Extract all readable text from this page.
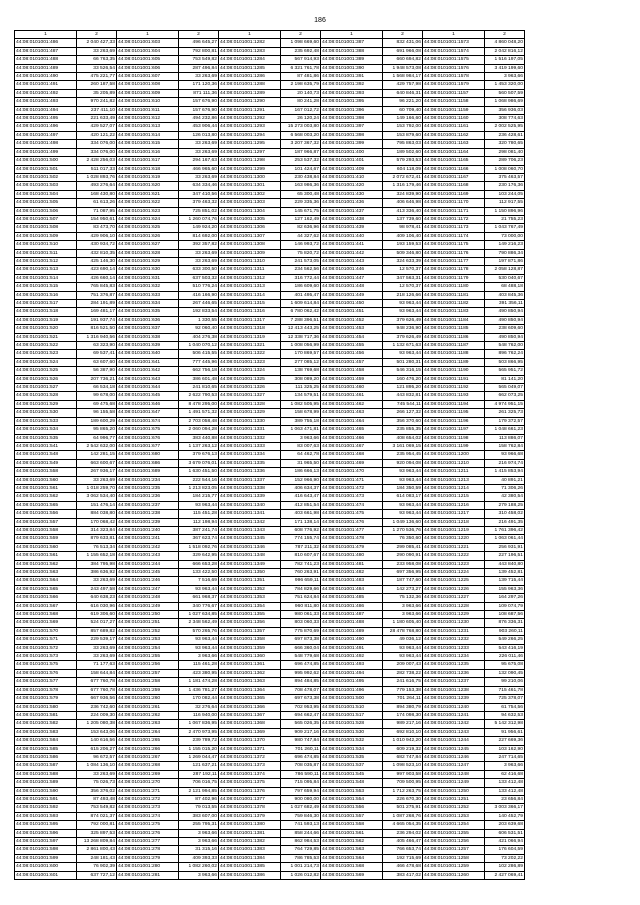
186
1	2	1	2	1	2	1	2	1	2
44:08:0101001:486	2 040 427,33	44:08:0101001:603	496 645,27	44:08:0101001:1282	1 098 669,60	44:08:0101001:387	832 431,06	44:08:0101001:1573	4 860 048,20
44:08:0101001:487	33 263,69	44:08:0101001:604	792 800,81	44:08:0101001:1283	235 692,48	44:08:0101001:388	691 966,08	44:08:0101001:1574	2 042 816,12
44:08:0101001:488	66 763,35	44:08:0101001:605	753 549,82	44:08:0101001:1284	567 914,93	44:08:0101001:389	660 694,82	44:08:0101001:1575	1 516 197,05
44:08:0101001:489	33 526,54	44:08:0101001:606	287 496,84	44:08:0101001:1285	6 321 761,78	44:08:0101001:390	1 948 573,08	44:08:0101001:1576	3 419 199,60
44:08:0101001:490	475 221,77	44:08:0101001:607	33 263,69	44:08:0101001:1286	87 481,86	44:08:0101001:391	1 568 984,17	44:08:0101001:1578	3 963,66
44:08:0101001:491	260 187,58	44:08:0101001:608	171 120,36	44:08:0101001:1288	2 198 635,79	44:08:0101001:392	429 757,98	44:08:0101001:1579	1 453 320,00
44:08:0101001:492	35 205,89	44:08:0101001:609	871 111,36	44:08:0101001:1289	20 140,73	44:08:0101001:393	640 846,31	44:08:0101001:1157	560 507,59
44:08:0101001:493	970 241,82	44:08:0101001:610	157 676,90	44:08:0101001:1290	80 241,28	44:08:0101001:395	96 221,20	44:08:0101001:1158	1 068 986,69
44:08:0101001:494	237 411,10	44:08:0101001:611	157 676,90	44:08:0101001:1291	167 012,72	44:08:0101001:396	60 709,40	44:08:0101001:1159	356 936,03
44:08:0101001:495	221 633,49	44:08:0101001:612	494 232,86	44:08:0101001:1292	26 120,24	44:08:0101001:398	149 166,60	44:08:0101001:1160	308 774,63
44:08:0101001:496	429 527,07	44:08:0101001:613	453 906,44	44:08:0101001:1293	15 273 003,80	44:08:0101001:397	153 792,00	44:08:0101001:1161	2 002 525,95
44:08:0101001:497	420 121,22	44:08:0101001:614	126 013,80	44:08:0101001:1294	6 568 003,20	44:08:0101001:398	153 879,60	44:08:0101001:1162	236 428,61
44:08:0101001:498	334 076,00	44:08:0101001:615	33 263,69	44:08:0101001:1295	3 207 367,32	44:08:0101001:399	795 863,03	44:08:0101001:1163	320 780,65
44:08:0101001:499	334 076,00	44:08:0101001:616	33 263,69	44:08:0101001:1297	187 966,87	44:08:0101001:400	189 502,60	44:08:0101001:1164	298 081,40
44:08:0101001:500	2 428 256,03	44:08:0101001:617	294 167,63	44:08:0101001:1298	253 537,32	44:08:0101001:401	579 293,53	44:08:0101001:1165	289 706,23
44:08:0101001:501	511 017,33	44:08:0101001:618	466 965,60	44:08:0101001:1299	101 424,67	44:08:0101001:409	604 118,09	44:08:0101001:1166	1 008 060,70
44:08:0101001:502	1 028 893,76	44:08:0101001:619	33 263,69	44:08:0101001:1300	230 438,84	44:08:0101001:410	2 072 672,41	44:08:0101001:1167	375 463,57
44:08:0101001:503	493 276,64	44:08:0101001:620	634 334,46	44:08:0101001:1301	163 986,36	44:08:0101001:420	1 316 179,46	44:08:0101001:1168	230 176,36
44:08:0101001:504	168 430,80	44:08:0101001:621	347 410,56	44:08:0101001:1302	65 300,48	44:08:0101001:430	324 839,90	44:08:0101001:1169	103 244,05
44:08:0101001:505	61 613,26	44:08:0101001:622	379 463,32	44:08:0101001:1303	229 335,36	44:08:0101001:436	406 646,98	44:08:0101001:1170	112 917,55
44:08:0101001:506	71 087,95	44:08:0101001:623	725 851,02	44:08:0101001:1304	145 671,75	44:08:0101001:437	413 336,40	44:08:0101001:1171	1 150 896,96
44:08:0101001:507	154 950,61	44:08:0101001:624	1 260 074,76	44:08:0101001:1305	127 162,49	44:08:0101001:438	137 739,60	44:08:0101001:1172	21 755,23
44:08:0101001:508	83 473,70	44:08:0101001:625	149 924,20	44:08:0101001:1306	82 636,96	44:08:0101001:439	98 978,41	44:08:0101001:1173	1 043 767,49
44:08:0101001:509	429 906,10	44:08:0101001:626	814 692,00	44:08:0101001:1307	44 327,62	44:08:0101001:440	409 106,40	44:08:0101001:1174	73 000,00
44:08:0101001:510	430 934,72	44:08:0101001:627	392 357,82	44:08:0101001:1308	146 993,72	44:08:0101001:441	193 159,53	44:08:0101001:1175	149 216,23
44:08:0101001:511	432 810,35	44:08:0101001:628	33 263,69	44:08:0101001:1309	75 820,72	44:08:0101001:442	509 346,80	44:08:0101001:1176	790 886,34
44:08:0101001:512	425 146,30	44:08:0101001:629	33 263,69	44:08:0101001:1310	241 573,05	44:08:0101001:443	324 633,39	44:08:0101001:1177	197 871,86
44:08:0101001:513	423 690,14	44:08:0101001:630	633 300,50	44:08:0101001:1311	234 562,56	44:08:0101001:446	12 570,37	44:08:0101001:1178	2 058 128,87
44:08:0101001:514	426 660,14	44:08:0101001:631	637 503,32	44:08:0101001:1312	316 772,44	44:08:0101001:447	347 563,31	44:08:0101001:1179	530 040,67
44:08:0101001:515	765 845,83	44:08:0101001:632	510 776,24	44:08:0101001:1313	186 609,60	44:08:0101001:448	12 570,37	44:08:0101001:1180	68 488,18
44:08:0101001:516	751 376,87	44:08:0101001:633	416 166,90	44:08:0101001:1314	401 495,47	44:08:0101001:449	218 126,66	44:08:0101001:1181	403 845,36
44:08:0101001:517	284 191,89	44:08:0101001:634	267 446,65	44:08:0101001:1315	1 609 614,84	44:08:0101001:450	93 963,44	44:08:0101001:1182	391 356,11
44:08:0101001:518	169 481,17	44:08:0101001:635	192 833,54	44:08:0101001:1316	6 780 062,42	44:08:0101001:451	93 963,44	44:08:0101001:1183	490 850,94
44:08:0101001:519	191 937,74	44:08:0101001:636	1 330,55	44:08:0101001:1317	7 288 396,51	44:08:0101001:452	379 626,49	44:08:0101001:1184	490 850,94
44:08:0101001:520	816 521,50	44:08:0101001:637	92 060,40	44:08:0101001:1318	12 413 443,25	44:08:0101001:453	948 236,90	44:08:0101001:1185	238 609,60
44:08:0101001:521	1 316 940,56	44:08:0101001:638	404 276,38	44:08:0101001:1319	12 338 717,36	44:08:0101001:454	379 626,49	44:08:0101001:1186	490 850,94
44:08:0101001:522	63 323,90	44:08:0101001:639	1 040 070,12	44:08:0101001:1321	1 008 056,99	44:08:0101001:455	1 132 671,63	44:08:0101001:1187	548 762,00
44:08:0101001:523	69 537,41	44:08:0101001:640	506 415,55	44:08:0101001:1322	170 869,57	44:08:0101001:456	93 963,44	44:08:0101001:1188	896 762,24
44:08:0101001:524	63 607,60	44:08:0101001:641	777 445,96	44:08:0101001:1323	277 085,12	44:08:0101001:457	501 280,31	44:08:0101001:1189	503 866,95
44:08:0101001:525	56 387,90	44:08:0101001:642	662 756,18	44:08:0101001:1324	138 769,68	44:08:0101001:458	546 316,15	44:08:0101001:1190	565 951,72
44:08:0101001:526	207 736,21	44:08:0101001:643	386 601,48	44:08:0101001:1325	308 089,20	44:08:0101001:459	160 476,20	44:08:0101001:1191	81 141,20
44:08:0101001:527	66 534,18	44:08:0101001:644	241 810,65	44:08:0101001:1326	111 325,25	44:08:0101001:460	121 895,20	44:08:0101001:1192	565 049,07
44:08:0101001:528	99 678,00	44:08:0101001:645	2 622 790,53	44:08:0101001:1327	134 579,51	44:08:0101001:461	443 832,81	44:08:0101001:1193	662 073,25
44:08:0101001:529	69 475,68	44:08:0101001:646	8 478 295,00	44:08:0101001:1328	1 082 505,95	44:08:0101001:462	745 544,11	44:08:0101001:1194	4 974 951,15
44:08:0101001:530	96 155,58	44:08:0101001:647	1 491 571,32	44:08:0101001:1329	158 678,99	44:08:0101001:463	266 127,32	44:08:0101001:1195	261 325,73
44:08:0101001:533	189 600,29	44:08:0101001:674	2 703 058,48	44:08:0101001:1330	389 755,18	44:08:0101001:464	356 370,60	44:08:0101001:1196	179 372,57
44:08:0101001:534	95 865,20	44:08:0101001:675	2 060 094,28	44:08:0101001:1331	1 063 471,81	44:08:0101001:465	235 855,35	44:08:0101001:1197	1 048 661,23
44:08:0101001:535	64 996,77	44:08:0101001:676	383 440,88	44:08:0101001:1332	3 963,66	44:08:0101001:466	408 654,02	44:08:0101001:1198	113 886,07
44:08:0101001:541	2 542 632,00	44:08:0101001:677	1 137 263,12	44:08:0101001:1333	83 007,63	44:08:0101001:467	3 161 069,15	44:08:0101001:1199	158 762,84
44:08:0101001:548	142 281,15	44:08:0101001:680	379 676,13	44:08:0101001:1334	64 462,78	44:08:0101001:468	235 954,45	44:08:0101001:1200	93 966,68
44:08:0101001:549	663 600,67	44:08:0101001:686	3 679 076,01	44:08:0101001:1335	31 965,50	44:08:0101001:469	920 094,08	44:08:0101001:1210	216 974,74
44:08:0101001:558	267 936,17	44:08:0101001:689	1 630 451,50	44:08:0101001:1336	186 666,13	44:08:0101001:470	93 963,44	44:08:0101001:1211	1 415 853,94
44:08:0101001:560	33 263,69	44:08:0101001:234	222 544,16	44:08:0101001:1337	152 966,90	44:08:0101001:471	93 963,44	44:08:0101001:1213	40 891,21
44:08:0101001:561	1 018 259,70	44:08:0101001:235	1 213 823,05	44:08:0101001:1338	406 634,37	44:08:0101001:472	184 350,59	44:08:0101001:1214	71 306,26
44:08:0101001:562	3 062 534,40	44:08:0101001:236	184 215,77	44:08:0101001:1339	416 643,47	44:08:0101001:473	614 083,17	44:08:0101001:1215	42 380,54
44:08:0101001:565	151 476,14	44:08:0101001:237	93 963,44	44:08:0101001:1340	412 851,54	44:08:0101001:474	93 963,44	44:08:0101001:1216	279 188,25
44:08:0101001:556	884 038,80	44:08:0101001:238	115 451,28	44:08:0101001:1341	403 661,98	44:08:0101001:475	93 963,44	44:08:0101001:1217	310 458,02
44:08:0101001:557	170 068,42	44:08:0101001:239	112 198,94	44:08:0101001:1342	171 138,14	44:08:0101001:476	1 049 136,60	44:08:0101001:1218	216 491,35
44:08:0101001:558	314 323,84	44:08:0101001:240	387 241,74	44:08:0101001:1343	608 776,92	44:08:0101001:477	1 270 536,76	44:08:0101001:1219	1 761 396,42
44:08:0101001:559	879 633,81	44:08:0101001:241	367 623,74	44:08:0101001:1345	774 155,74	44:08:0101001:478	76 350,60	44:08:0101001:1220	1 063 061,44
44:08:0101001:560	76 513,34	44:08:0101001:242	1 518 092,76	44:08:0101001:1346	787 211,32	44:08:0101001:479	299 085,41	44:08:0101001:1221	256 931,91
44:08:0101001:561	1 155 652,18	44:08:0101001:243	329 642,95	44:08:0101001:1348	810 607,67	44:08:0101001:480	290 090,91	44:08:0101001:1222	227 196,51
44:08:0101001:562	384 795,98	44:08:0101001:244	666 653,28	44:08:0101001:1349	782 741,23	44:08:0101001:481	233 958,08	44:08:0101001:1223	443 840,80
44:08:0101001:563	386 636,92	44:08:0101001:245	133 422,50	44:08:0101001:1350	760 263,91	44:08:0101001:482	697 356,95	44:08:0101001:1224	139 452,81
44:08:0101001:564	33 263,69	44:08:0101001:246	7 516,69	44:08:0101001:1351	996 659,11	44:08:0101001:483	187 747,60	44:08:0101001:1225	139 715,44
44:08:0101001:565	243 497,58	44:08:0101001:247	93 963,44	44:08:0101001:1352	784 829,66	44:08:0101001:484	142 273,27	44:08:0101001:1226	155 963,36
44:08:0101001:566	640 638,23	44:08:0101001:248	661 968,37	44:08:0101001:1353	751 624,84	44:08:0101001:485	75 132,36	44:08:0101001:1227	164 297,26
44:08:0101001:567	616 030,96	44:08:0101001:249	340 776,67	44:08:0101001:1354	960 811,80	44:08:0101001:486	3 963,66	44:08:0101001:1228	109 074,79
44:08:0101001:568	619 306,60	44:08:0101001:250	1 027 634,85	44:08:0101001:1355	980 061,33	44:08:0101001:487	3 963,66	44:08:0101001:1229	108 687,56
44:08:0101001:569	524 017,27	44:08:0101001:251	2 348 562,49	44:08:0101001:1356	803 060,33	44:08:0101001:488	1 180 605,40	44:08:0101001:1230	876 336,31
44:08:0101001:570	857 689,82	44:08:0101001:252	570 265,76	44:08:0101001:1357	775 870,69	44:08:0101001:489	28 478 768,80	44:08:0101001:1231	903 260,11
44:08:0101001:571	229 539,17	44:08:0101001:253	93 963,44	44:08:0101001:1358	697 873,38	44:08:0101001:490	49 036,12	44:08:0101001:1232	549 266,25
44:08:0101001:572	33 263,69	44:08:0101001:254	93 963,44	44:08:0101001:1359	666 360,04	44:08:0101001:491	93 963,44	44:08:0101001:1233	543 416,19
44:08:0101001:573	33 263,69	44:08:0101001:255	3 963,66	44:08:0101001:1360	548 779,68	44:08:0101001:492	93 963,44	44:08:0101001:1234	226 011,46
44:08:0101001:575	71 177,63	44:08:0101001:256	115 461,28	44:08:0101001:1361	696 474,85	44:08:0101001:493	209 007,43	44:08:0101001:1235	95 675,08
44:08:0101001:576	158 644,84	44:08:0101001:257	423 380,95	44:08:0101001:1362	995 992,62	44:08:0101001:494	282 738,22	44:08:0101001:1236	132 090,45
44:08:0101001:577	677 760,78	44:08:0101001:258	1 181 474,28	44:08:0101001:1363	894 484,85	44:08:0101001:495	241 616,75	44:08:0101001:1237	99 210,06
44:08:0101001:578	677 760,78	44:08:0101001:259	1 436 781,27	44:08:0101001:1364	708 478,07	44:08:0101001:496	779 153,38	44:08:0101001:1238	715 461,78
44:08:0101001:579	667 936,56	44:08:0101001:260	170 082,44	44:08:0101001:1365	697 673,38	44:08:0101001:500	701 264,11	44:08:0101001:1239	725 378,07
44:08:0101001:580	236 742,60	44:08:0101001:261	32 276,64	44:08:0101001:1366	702 953,95	44:08:0101001:510	894 380,79	44:08:0101001:1240	61 754,56
44:08:0101001:581	224 009,30	44:08:0101001:262	116 940,00	44:08:0101001:1367	694 662,47	44:08:0101001:517	174 098,30	44:08:0101001:1241	94 632,53
44:08:0101001:582	1 205 080,38	44:08:0101001:263	1 067 836,95	44:08:0101001:1368	565 026,35	44:08:0101001:528	989 217,16	44:08:0101001:1242	5 142 312,98
44:08:0101001:583	153 643,06	44:08:0101001:264	2 470 973,95	44:08:0101001:1369	909 217,16	44:08:0101001:530	692 810,10	44:08:0101001:1243	91 956,61
44:08:0101001:584	140 616,56	44:08:0101001:265	239 789,72	44:08:0101001:1370	980 747,84	44:08:0101001:532	1 010 942,20	44:08:0101001:1244	227 669,36
44:08:0101001:585	615 206,27	44:08:0101001:266	1 155 015,20	44:08:0101001:1371	701 260,11	44:08:0101001:534	609 219,32	44:08:0101001:1245	103 162,90
44:08:0101001:586	96 672,57	44:08:0101001:267	1 269 044,47	44:08:0101001:1372	696 474,85	44:08:0101001:535	682 747,84	44:08:0101001:1246	247 714,65
44:08:0101001:587	1 084 136,10	44:08:0101001:268	121 637,21	44:08:0101001:1373	708 035,87	44:08:0101001:537	1 098 523,10	44:08:0101001:1247	3 963,66
44:08:0101001:588	33 263,69	44:08:0101001:269	287 192,11	44:08:0101001:1374	786 590,11	44:08:0101001:545	997 903,58	44:08:0101001:1248	62 416,68
44:08:0101001:589	75 026,73	44:08:0101001:270	706 016,75	44:08:0101001:1375	715 095,84	44:08:0101001:548	709 500,95	44:08:0101001:1249	133 412,48
44:08:0101001:590	356 376,02	44:08:0101001:271	2 121 994,85	44:08:0101001:1376	797 659,94	44:08:0101001:553	1 712 263,75	44:08:0101001:1250	133 412,48
44:08:0101001:591	87 493,48	44:08:0101001:272	87 402,96	44:08:0101001:1377	900 080,00	44:08:0101001:554	226 670,30	44:08:0101001:1251	23 656,84
44:08:0101001:592	753 549,82	44:08:0101001:273	79 013,55	44:08:0101001:1378	1 027 682,49	44:08:0101001:556	501 275,91	44:08:0101001:1252	3 003 366,17
44:08:0101001:593	874 021,37	44:08:0101001:274	383 607,00	44:08:0101001:1379	759 846,30	44:08:0101001:557	1 087 268,76	44:08:0101001:1253	140 452,79
44:08:0101001:595	792 000,81	44:08:0101001:275	255 795,31	44:08:0101001:1380	741 593,13	44:08:0101001:558	4 665 054,35	44:08:0101001:1254	203 639,68
44:08:0101001:596	325 897,53	44:08:0101001:276	3 963,66	44:08:0101001:1381	858 244,66	44:08:0101001:561	236 294,02	44:08:0101001:1255	606 531,51
44:08:0101001:597	13 268 809,84	44:08:0101001:277	3 963,66	44:08:0101001:1382	862 984,53	44:08:0101001:562	405 466,47	44:08:0101001:1256	421 066,94
44:08:0101001:598	2 861 800,43	44:08:0101001:278	31 315,16	44:08:0101001:1383	764 729,85	44:08:0101001:563	766 653,74	44:08:0101001:1257	176 604,59
44:08:0101001:599	248 181,43	44:08:0101001:279	409 393,33	44:08:0101001:1384	786 785,53	44:08:0101001:564	192 715,69	44:08:0101001:1258	73 202,22
44:08:0101001:600	76 902,39	44:08:0101001:280	1 082 260,02	44:08:0101001:1385	1 001 214,73	44:08:0101001:568	466 478,68	44:08:0101001:1259	102 286,89
44:08:0101001:601	637 727,12	44:08:0101001:281	3 963,66	44:08:0101001:1386	1 026 012,82	44:08:0101001:569	383 417,02	44:08:0101001:1260	2 427 069,41
